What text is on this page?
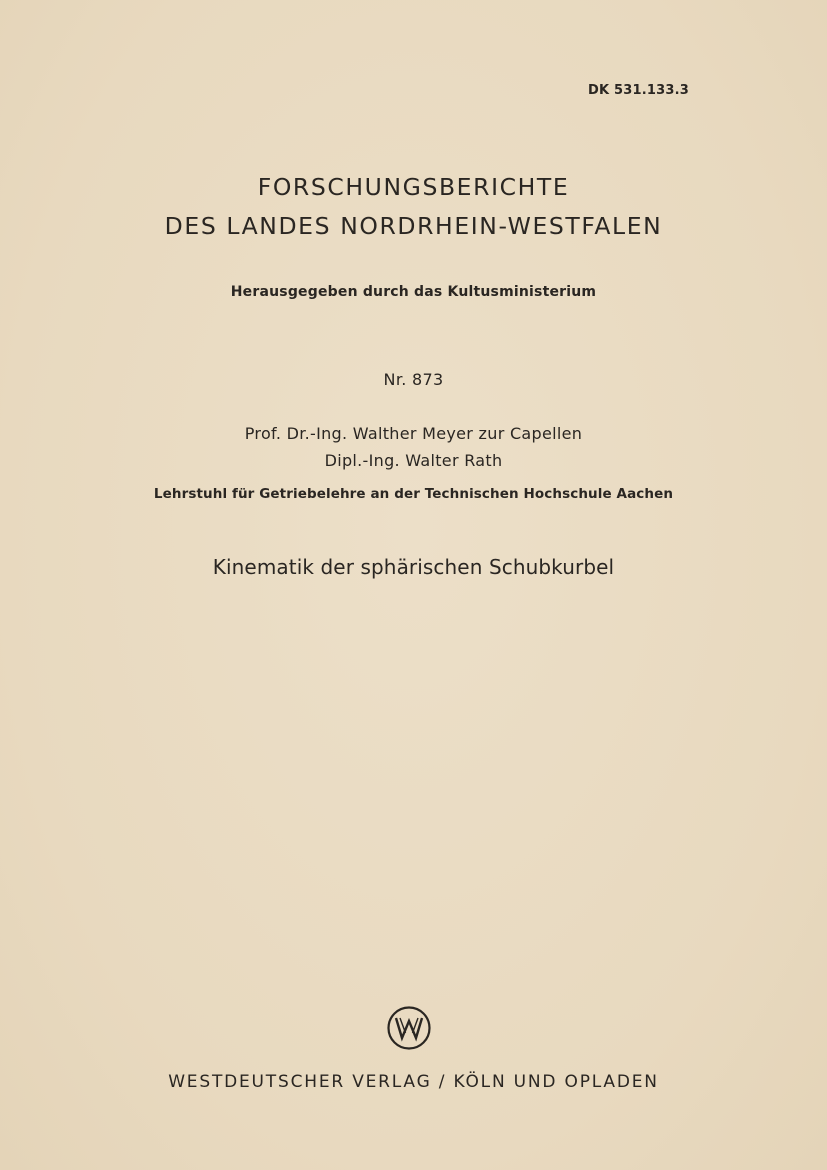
DK 531.133.3
FORSCHUNGSBERICHTE
DES LANDES NORDRHEIN-WESTFALEN
Herausgegeben durch das Kultusministerium
Nr. 873
Prof. Dr.-Ing. Walther Meyer zur Capellen
Dipl.-Ing. Walter Rath
Lehrstuhl für Getriebelehre an der Technischen Hochschule Aachen
Kinematik der sphärischen Schubkurbel
WESTDEUTSCHER VERLAG / KÖLN UND OPLADEN
